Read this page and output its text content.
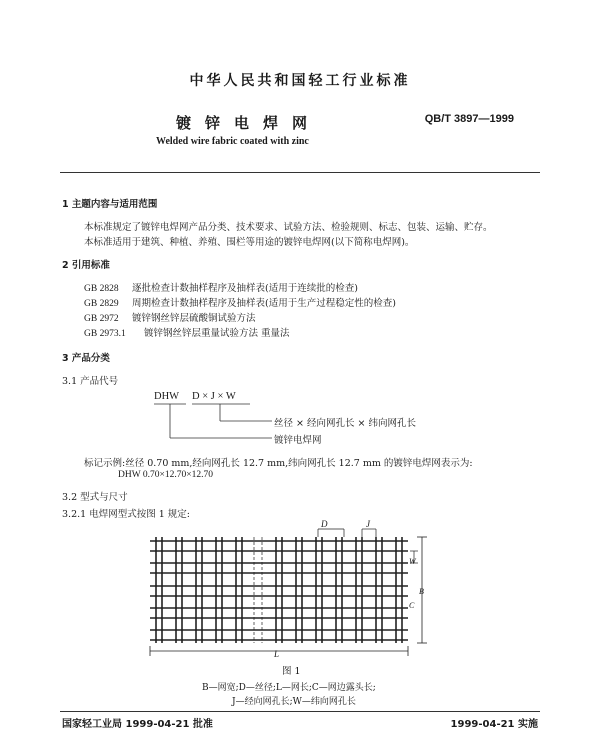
中华人民共和国轻工行业标准
镀锌电焊网	QB/T 3897—1999
Welded wire fabric coated with zinc
1 主题内容与适用范围
本标准规定了镀锌电焊网产品分类、技术要求、试验方法、检验规则、标志、包装、运输、贮存。
本标准适用于建筑、种植、养殖、围栏等用途的镀锌电焊网(以下简称电焊网)。
2 引用标准
GB 2828 逐批检查计数抽样程序及抽样表(适用于连续批的检查)
GB 2829 周期检查计数抽样程序及抽样表(适用于生产过程稳定性的检查)
GB 2972 镀锌钢丝锌层硫酸铜试验方法
GB 2973.1 镀锌钢丝锌层重量试验方法 重量法
3 产品分类
3.1 产品代号
DHW D × J × W
丝径 × 经向网孔长 × 纬向网孔长
镀锌电焊网
标记示例:丝径 0.70 mm,经向网孔长 12.7 mm,纬向网孔长 12.7 mm 的镀锌电焊网表示为:
DHW 0.70×12.70×12.70
3.2 型式与尺寸
3.2.1 电焊网型式按图 1 规定:
D	J
W
B
C
L
图 1
B—网宽;D—丝径;L—网长;C—网边露头长;
J—经向网孔长;W—纬向网孔长
国家轻工业局 1999-04-21 批准	1999-04-21 实施
